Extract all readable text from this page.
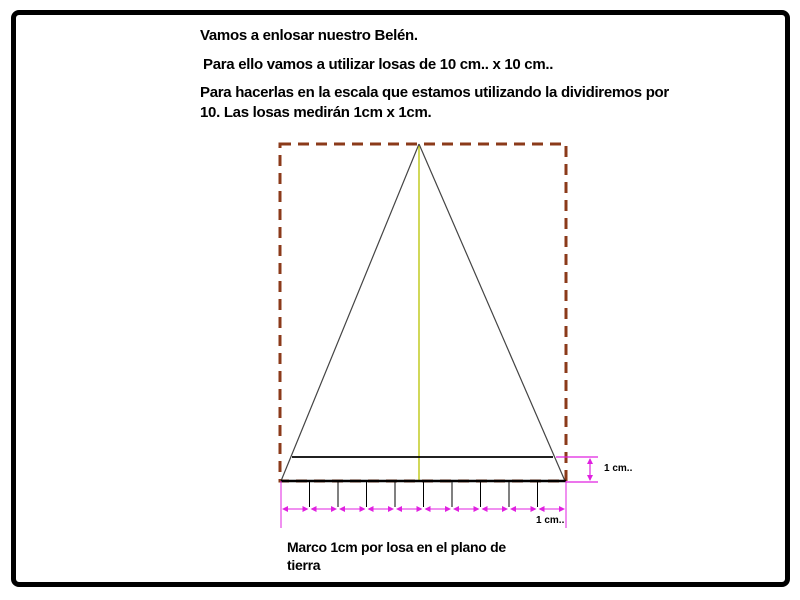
Vamos a enlosar nuestro Belén.
Para ello vamos a utilizar losas de 10 cm.. x 10 cm..
Para hacerlas en la escala que estamos utilizando la dividiremos por
10. Las losas medirán 1cm x 1cm.
1 cm..
1 cm..
Marco 1cm por losa en el plano de
tierra
